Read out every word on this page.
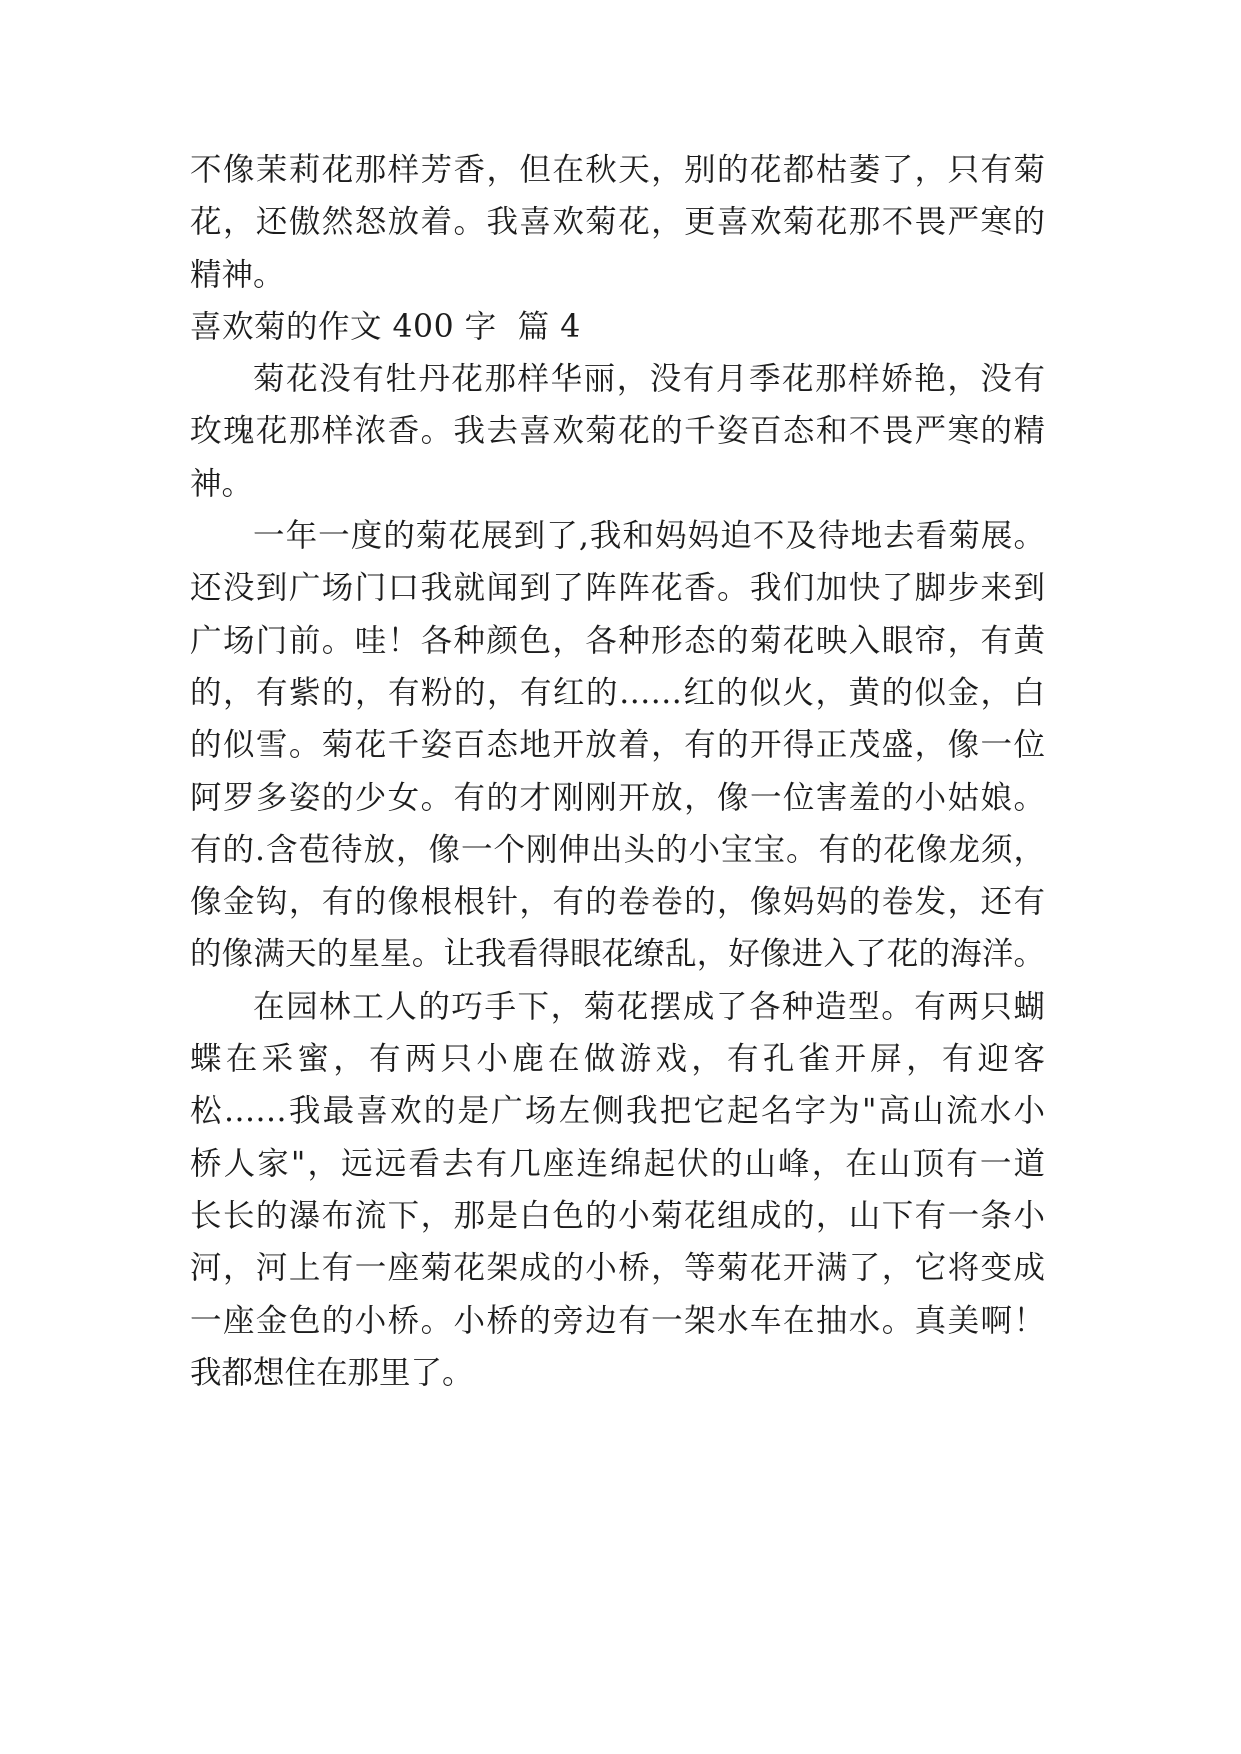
不像茉莉花那样芳香，但在秋天，别的花都枯萎了，只有菊
花，还傲然怒放着。我喜欢菊花，更喜欢菊花那不畏严寒的
精神。
喜欢菊的作文 400 字  篇 4
菊花没有牡丹花那样华丽，没有月季花那样娇艳，没有
玫瑰花那样浓香。我去喜欢菊花的千姿百态和不畏严寒的精
神。
一年一度的菊花展到了,我和妈妈迫不及待地去看菊展。
还没到广场门口我就闻到了阵阵花香。我们加快了脚步来到
广场门前。哇！各种颜色，各种形态的菊花映入眼帘，有黄
的，有紫的，有粉的，有红的……红的似火，黄的似金，白
的似雪。菊花千姿百态地开放着，有的开得正茂盛，像一位
阿罗多姿的少女。有的才刚刚开放，像一位害羞的小姑娘。
有的.含苞待放，像一个刚伸出头的小宝宝。有的花像龙须，
像金钩，有的像根根针，有的卷卷的，像妈妈的卷发，还有
的像满天的星星。让我看得眼花缭乱，好像进入了花的海洋。
在园林工人的巧手下，菊花摆成了各种造型。有两只蝴
蝶在采蜜，有两只小鹿在做游戏，有孔雀开屏，有迎客
松……我最喜欢的是广场左侧我把它起名字为"高山流水小
桥人家"，远远看去有几座连绵起伏的山峰，在山顶有一道
长长的瀑布流下，那是白色的小菊花组成的，山下有一条小
河，河上有一座菊花架成的小桥，等菊花开满了，它将变成
一座金色的小桥。小桥的旁边有一架水车在抽水。真美啊！
我都想住在那里了。
